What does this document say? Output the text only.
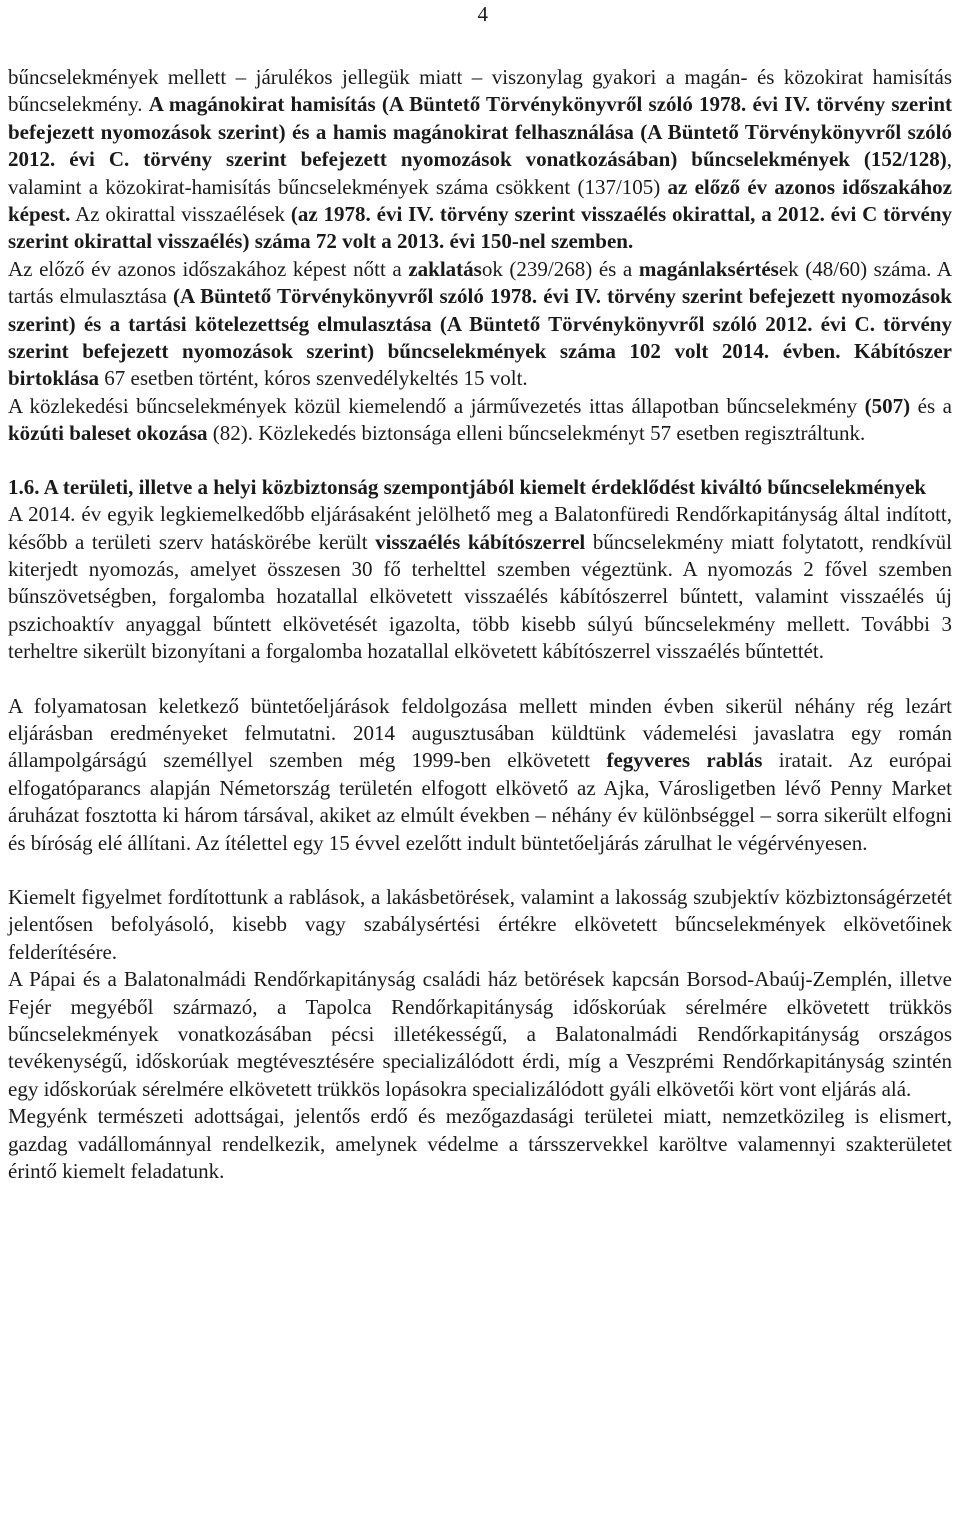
4

bűncselekmények mellett – járulékos jellegük miatt – viszonylag gyakori a magán- és közokirat hamisítás bűncselekmény. A magánokirat hamisítás (A Büntető Törvénykönyvről szóló 1978. évi IV. törvény szerint befejezett nyomozások szerint) és a hamis magánokirat felhasználása (A Büntető Törvénykönyvről szóló 2012. évi C. törvény szerint befejezett nyomozások vonatkozásában) bűncselekmények (152/128), valamint a közokirat-hamisítás bűncselekmények száma csökkent (137/105) az előző év azonos időszakához képest. Az okirattal visszaélések (az 1978. évi IV. törvény szerint visszaélés okirattal, a 2012. évi C törvény szerint okirattal visszaélés) száma 72 volt a 2013. évi 150-nel szemben.

Az előző év azonos időszakához képest nőtt a zaklatások (239/268) és a magánlaksértések (48/60) száma. A tartás elmulasztása (A Büntető Törvénykönyvről szóló 1978. évi IV. törvény szerint befejezett nyomozások szerint) és a tartási kötelezettség elmulasztása (A Büntető Törvénykönyvről szóló 2012. évi C. törvény szerint befejezett nyomozások szerint) bűncselekmények száma 102 volt 2014. évben. Kábítószer birtoklása 67 esetben történt, kóros szenvedélykeltés 15 volt.

A közlekedési bűncselekmények közül kiemelendő a járművezetés ittas állapotban bűncselekmény (507) és a közúti baleset okozása (82). Közlekedés biztonsága elleni bűncselekményt 57 esetben regisztráltunk.

1.6. A területi, illetve a helyi közbiztonság szempontjából kiemelt érdeklődést kiváltó bűncselekmények

A 2014. év egyik legkiemelkedőbb eljárásaként jelölhető meg a Balatonfüredi Rendőrkapitányság által indított, később a területi szerv hatáskörébe került visszaélés kábítószerrel bűncselekmény miatt folytatott, rendkívül kiterjedt nyomozás, amelyet összesen 30 fő terhelttel szemben végeztünk. A nyomozás 2 fővel szemben bűnszövetségben, forgalomba hozatallal elkövetett visszaélés kábítószerrel bűntett, valamint visszaélés új pszichoaktív anyaggal bűntett elkövetését igazolta, több kisebb súlyú bűncselekmény mellett. További 3 terheltre sikerült bizonyítani a forgalomba hozatallal elkövetett kábítószerrel visszaélés bűntettét.

A folyamatosan keletkező büntetőeljárások feldolgozása mellett minden évben sikerül néhány rég lezárt eljárásban eredményeket felmutatni. 2014 augusztusában küldtünk vádemelési javaslatra egy román állampolgárságú személlyel szemben még 1999-ben elkövetett fegyveres rablás iratait. Az európai elfogatóparancs alapján Németország területén elfogott elkövető az Ajka, Városligetben lévő Penny Market áruházat fosztotta ki három társával, akiket az elmúlt években – néhány év különbséggel – sorra sikerült elfogni és bíróság elé állítani. Az ítélettel egy 15 évvel ezelőtt indult büntetőeljárás zárulhat le végérvényesen.

Kiemelt figyelmet fordítottunk a rablások, a lakásbetörések, valamint a lakosság szubjektív közbiztonságérzetét jelentősen befolyásoló, kisebb vagy szabálysértési értékre elkövetett bűncselekmények elkövetőinek felderítésére.

A Pápai és a Balatonalmádi Rendőrkapitányság családi ház betörések kapcsán Borsod-Abaúj-Zemplén, illetve Fejér megyéből származó, a Tapolca Rendőrkapitányság időskorúak sérelmére elkövetett trükkös bűncselekmények vonatkozásában pécsi illetékességű, a Balatonalmádi Rendőrkapitányság országos tevékenységű, időskorúak megtévesztésére specializálódott érdi, míg a Veszprémi Rendőrkapitányság szintén egy időskorúak sérelmére elkövetett trükkös lopásokra specializálódott gyáli elkövetői kört vont eljárás alá.

Megyénk természeti adottságai, jelentős erdő és mezőgazdasági területei miatt, nemzetközileg is elismert, gazdag vadállománnyal rendelkezik, amelynek védelme a társszervekkel karöltve valamennyi szakterületet érintő kiemelt feladatunk.
